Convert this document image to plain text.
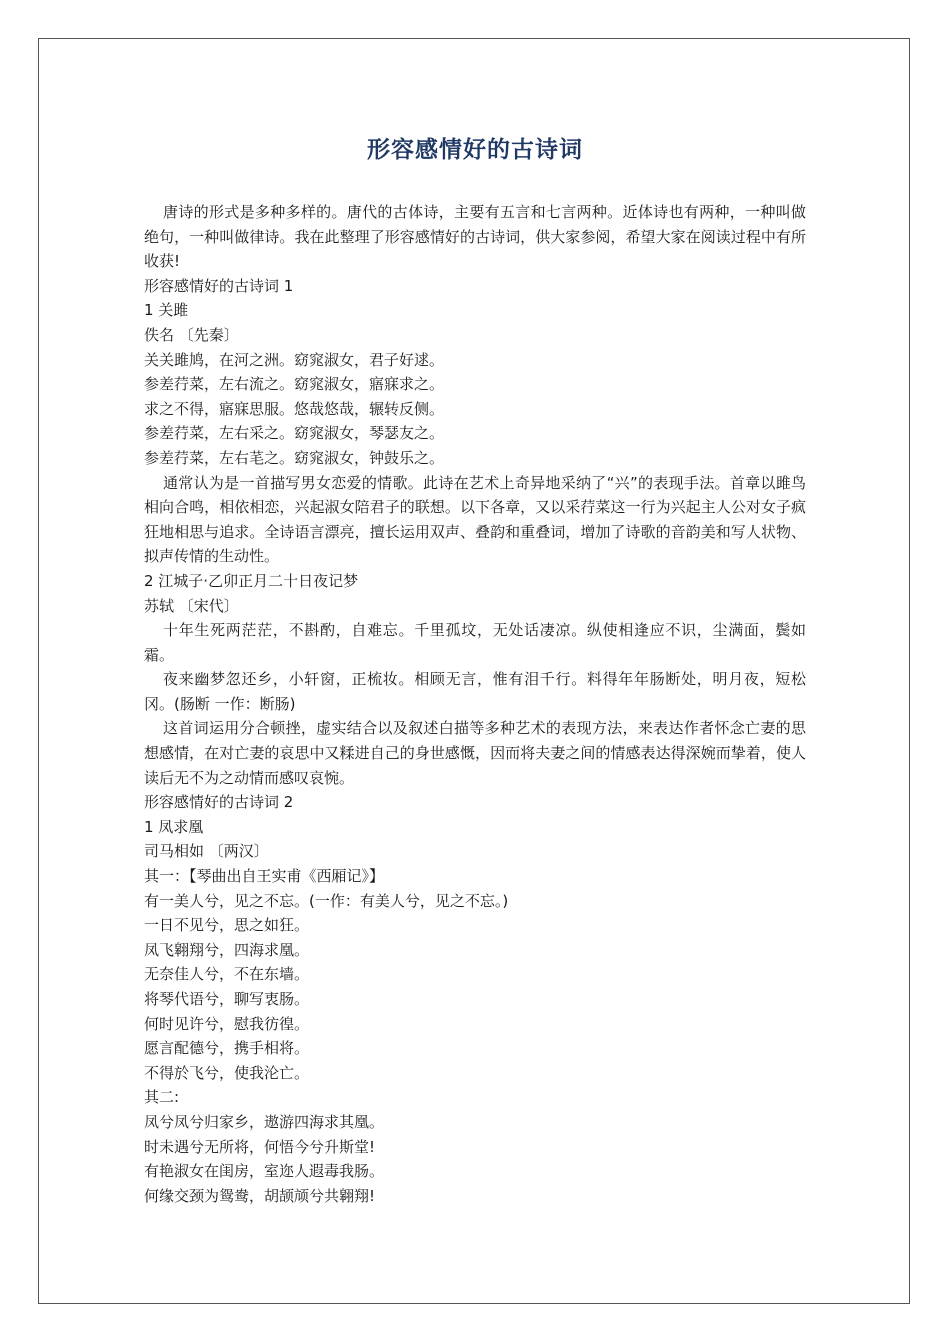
形容感情好的古诗词

唐诗的形式是多种多样的。唐代的古体诗，主要有五言和七言两种。近体诗也有两种，一种叫做绝句，一种叫做律诗。我在此整理了形容感情好的古诗词，供大家参阅，希望大家在阅读过程中有所收获!

形容感情好的古诗词 1

1 关雎

佚名 〔先秦〕

关关雎鸠，在河之洲。窈窕淑女，君子好逑。

参差荇菜，左右流之。窈窕淑女，寤寐求之。

求之不得，寤寐思服。悠哉悠哉，辗转反侧。

参差荇菜，左右采之。窈窕淑女，琴瑟友之。

参差荇菜，左右芼之。窈窕淑女，钟鼓乐之。

通常认为是一首描写男女恋爱的情歌。此诗在艺术上奇异地采纳了“兴”的表现手法。首章以雎鸟相向合鸣，相依相恋，兴起淑女陪君子的联想。以下各章，又以采荇菜这一行为兴起主人公对女子疯狂地相思与追求。全诗语言漂亮，擅长运用双声、叠韵和重叠词，增加了诗歌的音韵美和写人状物、拟声传情的生动性。

2 江城子·乙卯正月二十日夜记梦

苏轼 〔宋代〕

十年生死两茫茫，不斟酌，自难忘。千里孤坟，无处话凄凉。纵使相逢应不识，尘满面，鬓如霜。

夜来幽梦忽还乡，小轩窗，正梳妆。相顾无言，惟有泪千行。料得年年肠断处，明月夜，短松冈。(肠断 一作：断肠)

这首词运用分合顿挫，虚实结合以及叙述白描等多种艺术的表现方法，来表达作者怀念亡妻的思想感情，在对亡妻的哀思中又糅进自己的身世感慨，因而将夫妻之间的情感表达得深婉而挚着，使人读后无不为之动情而感叹哀惋。

形容感情好的古诗词 2

1 凤求凰

司马相如 〔两汉〕

其一：【琴曲出自王实甫《西厢记》】

有一美人兮，见之不忘。(一作：有美人兮，见之不忘。)

一日不见兮，思之如狂。

凤飞翱翔兮，四海求凰。

无奈佳人兮，不在东墙。

将琴代语兮，聊写衷肠。

何时见许兮，慰我彷徨。

愿言配德兮，携手相将。

不得於飞兮，使我沦亡。

其二:

凤兮凤兮归家乡，遨游四海求其凰。

时未遇兮无所将，何悟今兮升斯堂!

有艳淑女在闺房，室迩人遐毒我肠。

何缘交颈为鸳鸯，胡颉颃兮共翱翔!
